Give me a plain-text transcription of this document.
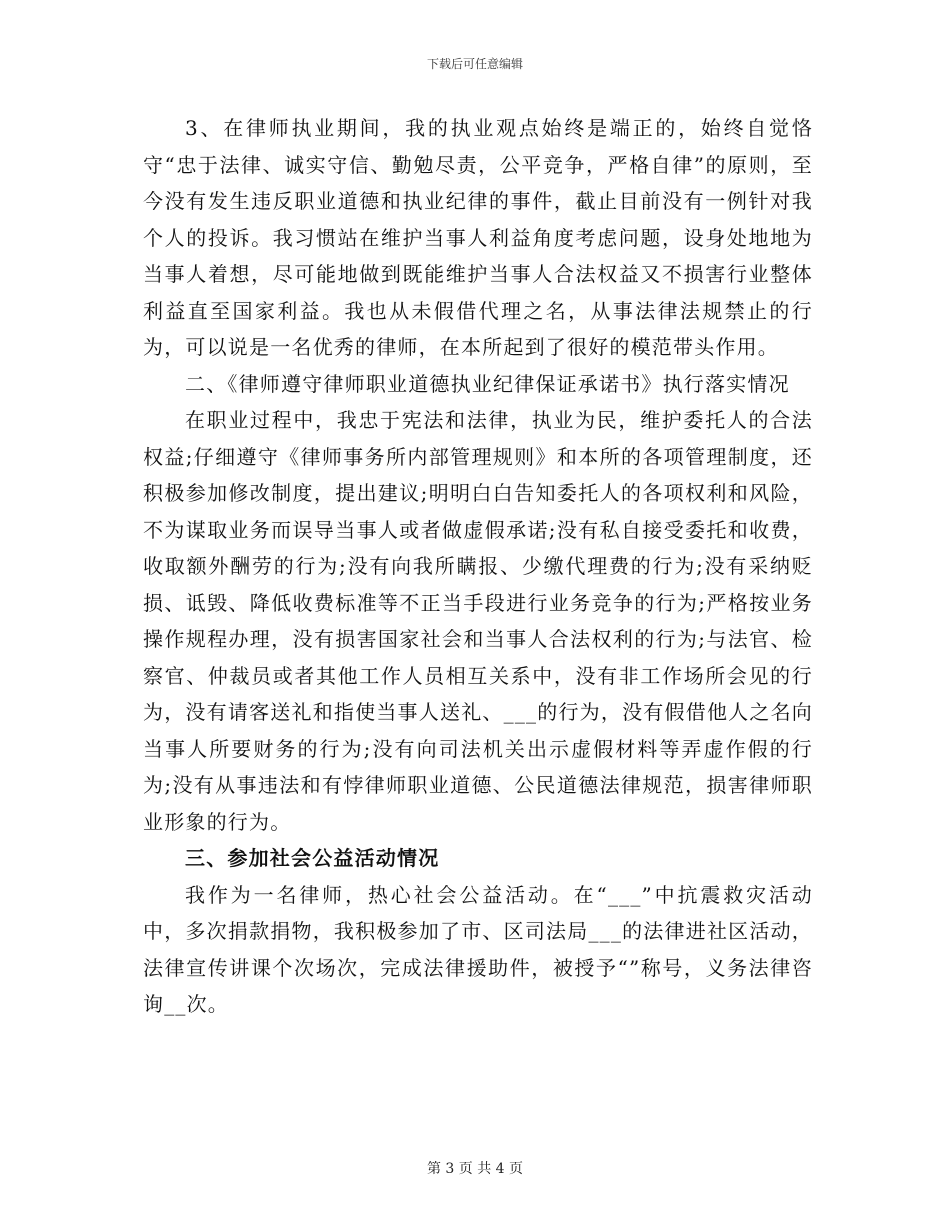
下载后可任意编辑

3、在律师执业期间，我的执业观点始终是端正的，始终自觉恪守“忠于法律、诚实守信、勤勉尽责，公平竞争，严格自律”的原则，至今没有发生违反职业道德和执业纪律的事件，截止目前没有一例针对我个人的投诉。我习惯站在维护当事人利益角度考虑问题，设身处地地为当事人着想，尽可能地做到既能维护当事人合法权益又不损害行业整体利益直至国家利益。我也从未假借代理之名，从事法律法规禁止的行为，可以说是一名优秀的律师，在本所起到了很好的模范带头作用。

二、《律师遵守律师职业道德执业纪律保证承诺书》执行落实情况

在职业过程中，我忠于宪法和法律，执业为民，维护委托人的合法权益;仔细遵守《律师事务所内部管理规则》和本所的各项管理制度，还积极参加修改制度，提出建议;明明白白告知委托人的各项权利和风险，不为谋取业务而误导当事人或者做虚假承诺;没有私自接受委托和收费，收取额外酬劳的行为;没有向我所瞒报、少缴代理费的行为;没有采纳贬损、诋毁、降低收费标准等不正当手段进行业务竞争的行为;严格按业务操作规程办理，没有损害国家社会和当事人合法权利的行为;与法官、检察官、仲裁员或者其他工作人员相互关系中，没有非工作场所会见的行为，没有请客送礼和指使当事人送礼、___的行为，没有假借他人之名向当事人所要财务的行为;没有向司法机关出示虚假材料等弄虚作假的行为;没有从事违法和有悖律师职业道德、公民道德法律规范，损害律师职业形象的行为。

三、参加社会公益活动情况

我作为一名律师，热心社会公益活动。在“___”中抗震救灾活动中，多次捐款捐物，我积极参加了市、区司法局___的法律进社区活动，法律宣传讲课个次场次，完成法律援助件，被授予“”称号，义务法律咨询__次。

第 3 页 共 4 页
